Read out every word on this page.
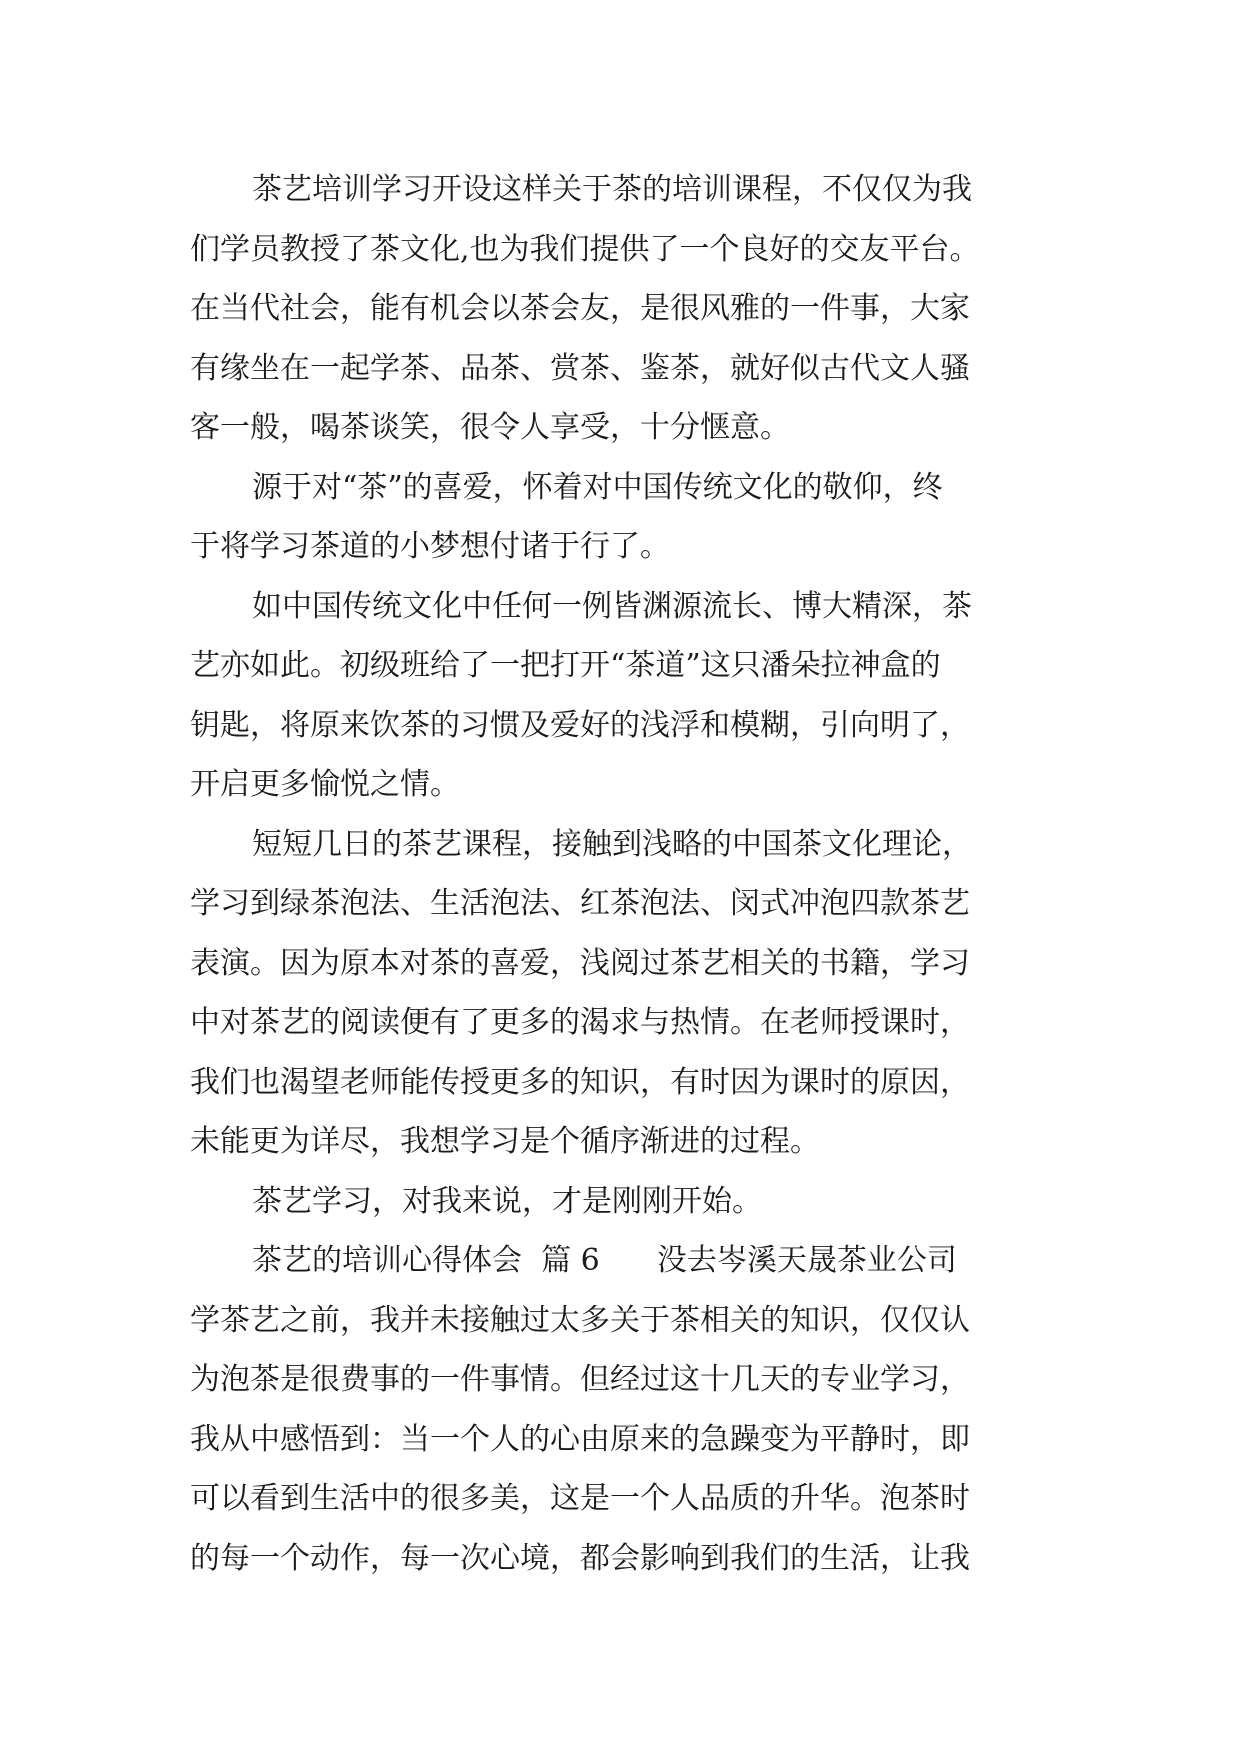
茶艺培训学习开设这样关于茶的培训课程，不仅仅为我
们学员教授了茶文化,也为我们提供了一个良好的交友平台。
在当代社会，能有机会以茶会友，是很风雅的一件事，大家
有缘坐在一起学茶、品茶、赏茶、鉴茶，就好似古代文人骚
客一般，喝茶谈笑，很令人享受，十分惬意。
源于对“茶”的喜爱，怀着对中国传统文化的敬仰，终
于将学习茶道的小梦想付诸于行了。
如中国传统文化中任何一例皆渊源流长、博大精深，茶
艺亦如此。初级班给了一把打开“茶道”这只潘朵拉神盒的
钥匙，将原来饮茶的习惯及爱好的浅浮和模糊，引向明了，
开启更多愉悦之情。
短短几日的茶艺课程，接触到浅略的中国茶文化理论，
学习到绿茶泡法、生活泡法、红茶泡法、闵式冲泡四款茶艺
表演。因为原本对茶的喜爱，浅阅过茶艺相关的书籍，学习
中对茶艺的阅读便有了更多的渴求与热情。在老师授课时，
我们也渴望老师能传授更多的知识，有时因为课时的原因，
未能更为详尽，我想学习是个循序渐进的过程。
茶艺学习，对我来说，才是刚刚开始。
茶艺的培训心得体会  篇 6      没去岑溪天晟茶业公司
学茶艺之前，我并未接触过太多关于茶相关的知识，仅仅认
为泡茶是很费事的一件事情。但经过这十几天的专业学习，
我从中感悟到：当一个人的心由原来的急躁变为平静时，即
可以看到生活中的很多美，这是一个人品质的升华。泡茶时
的每一个动作，每一次心境，都会影响到我们的生活，让我
